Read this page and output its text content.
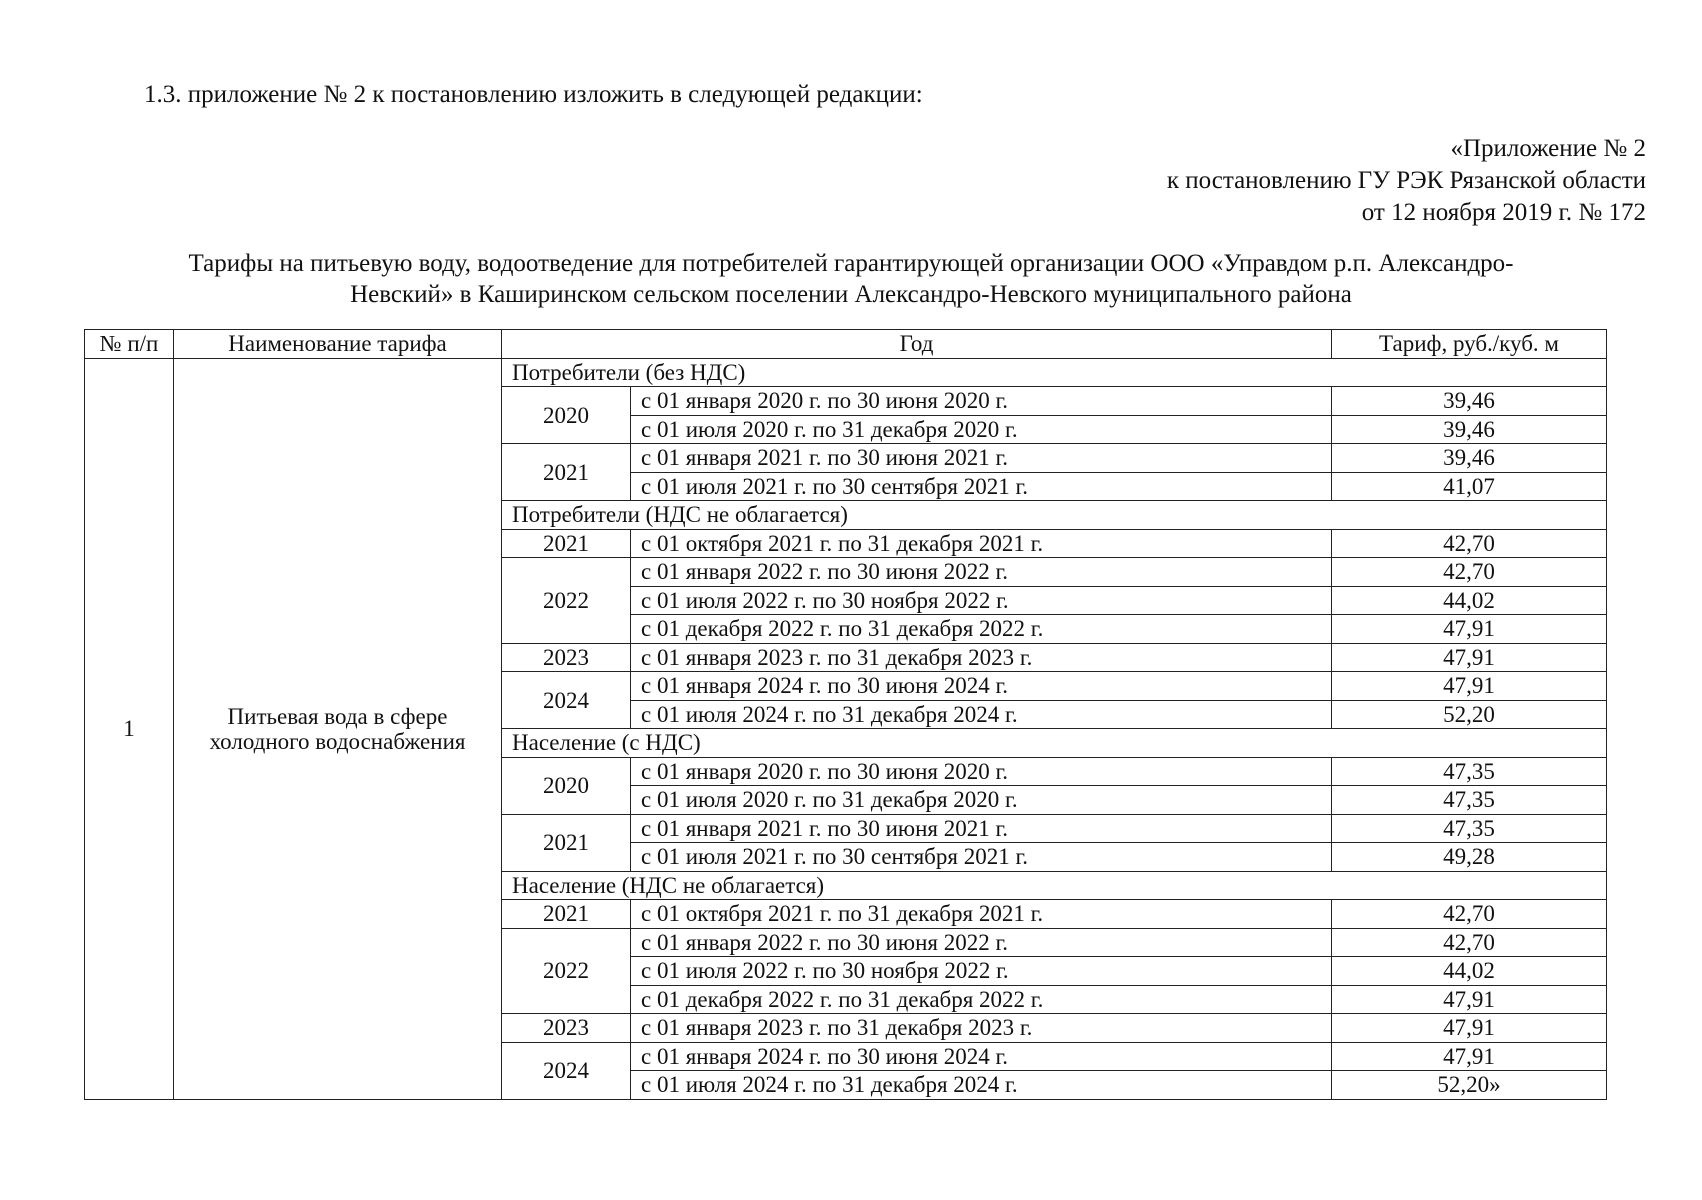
1.3. приложение № 2 к постановлению изложить в следующей редакции:
«Приложение № 2
к постановлению ГУ РЭК Рязанской области
от 12 ноября 2019 г. № 172
Тарифы на питьевую воду, водоотведение для потребителей гарантирующей организации ООО «Управдом р.п. Александро-
Невский» в Каширинском сельском поселении Александро-Невского муниципального района
№ п/п	Наименование тарифа	Год		Тариф, руб./куб. м
1	Питьевая вода в сфере холодного водоснабжения	Потребители (без НДС)		
		2020	с 01 января 2020 г. по 30 июня 2020 г.	39,46
			с 01 июля 2020 г. по 31 декабря 2020 г.	39,46
		2021	с 01 января 2021 г. по 30 июня 2021 г.	39,46
			с 01 июля 2021 г. по 30 сентября 2021 г.	41,07
		Потребители (НДС не облагается)		
		2021	с 01 октября 2021 г. по 31 декабря 2021 г.	42,70
		2022	с 01 января 2022 г. по 30 июня 2022 г.	42,70
			с 01 июля 2022 г. по 30 ноября 2022 г.	44,02
			с 01 декабря 2022 г. по 31 декабря 2022 г.	47,91
		2023	с 01 января 2023 г. по 31 декабря 2023 г.	47,91
		2024	с 01 января 2024 г. по 30 июня 2024 г.	47,91
			с 01 июля 2024 г. по 31 декабря 2024 г.	52,20
		Население (с НДС)		
		2020	с 01 января 2020 г. по 30 июня 2020 г.	47,35
			с 01 июля 2020 г. по 31 декабря 2020 г.	47,35
		2021	с 01 января 2021 г. по 30 июня 2021 г.	47,35
			с 01 июля 2021 г. по 30 сентября 2021 г.	49,28
		Население (НДС не облагается)		
		2021	с 01 октября 2021 г. по 31 декабря 2021 г.	42,70
		2022	с 01 января 2022 г. по 30 июня 2022 г.	42,70
			с 01 июля 2022 г. по 30 ноября 2022 г.	44,02
			с 01 декабря 2022 г. по 31 декабря 2022 г.	47,91
		2023	с 01 января 2023 г. по 31 декабря 2023 г.	47,91
		2024	с 01 января 2024 г. по 30 июня 2024 г.	47,91
			с 01 июля 2024 г. по 31 декабря 2024 г.	52,20»
